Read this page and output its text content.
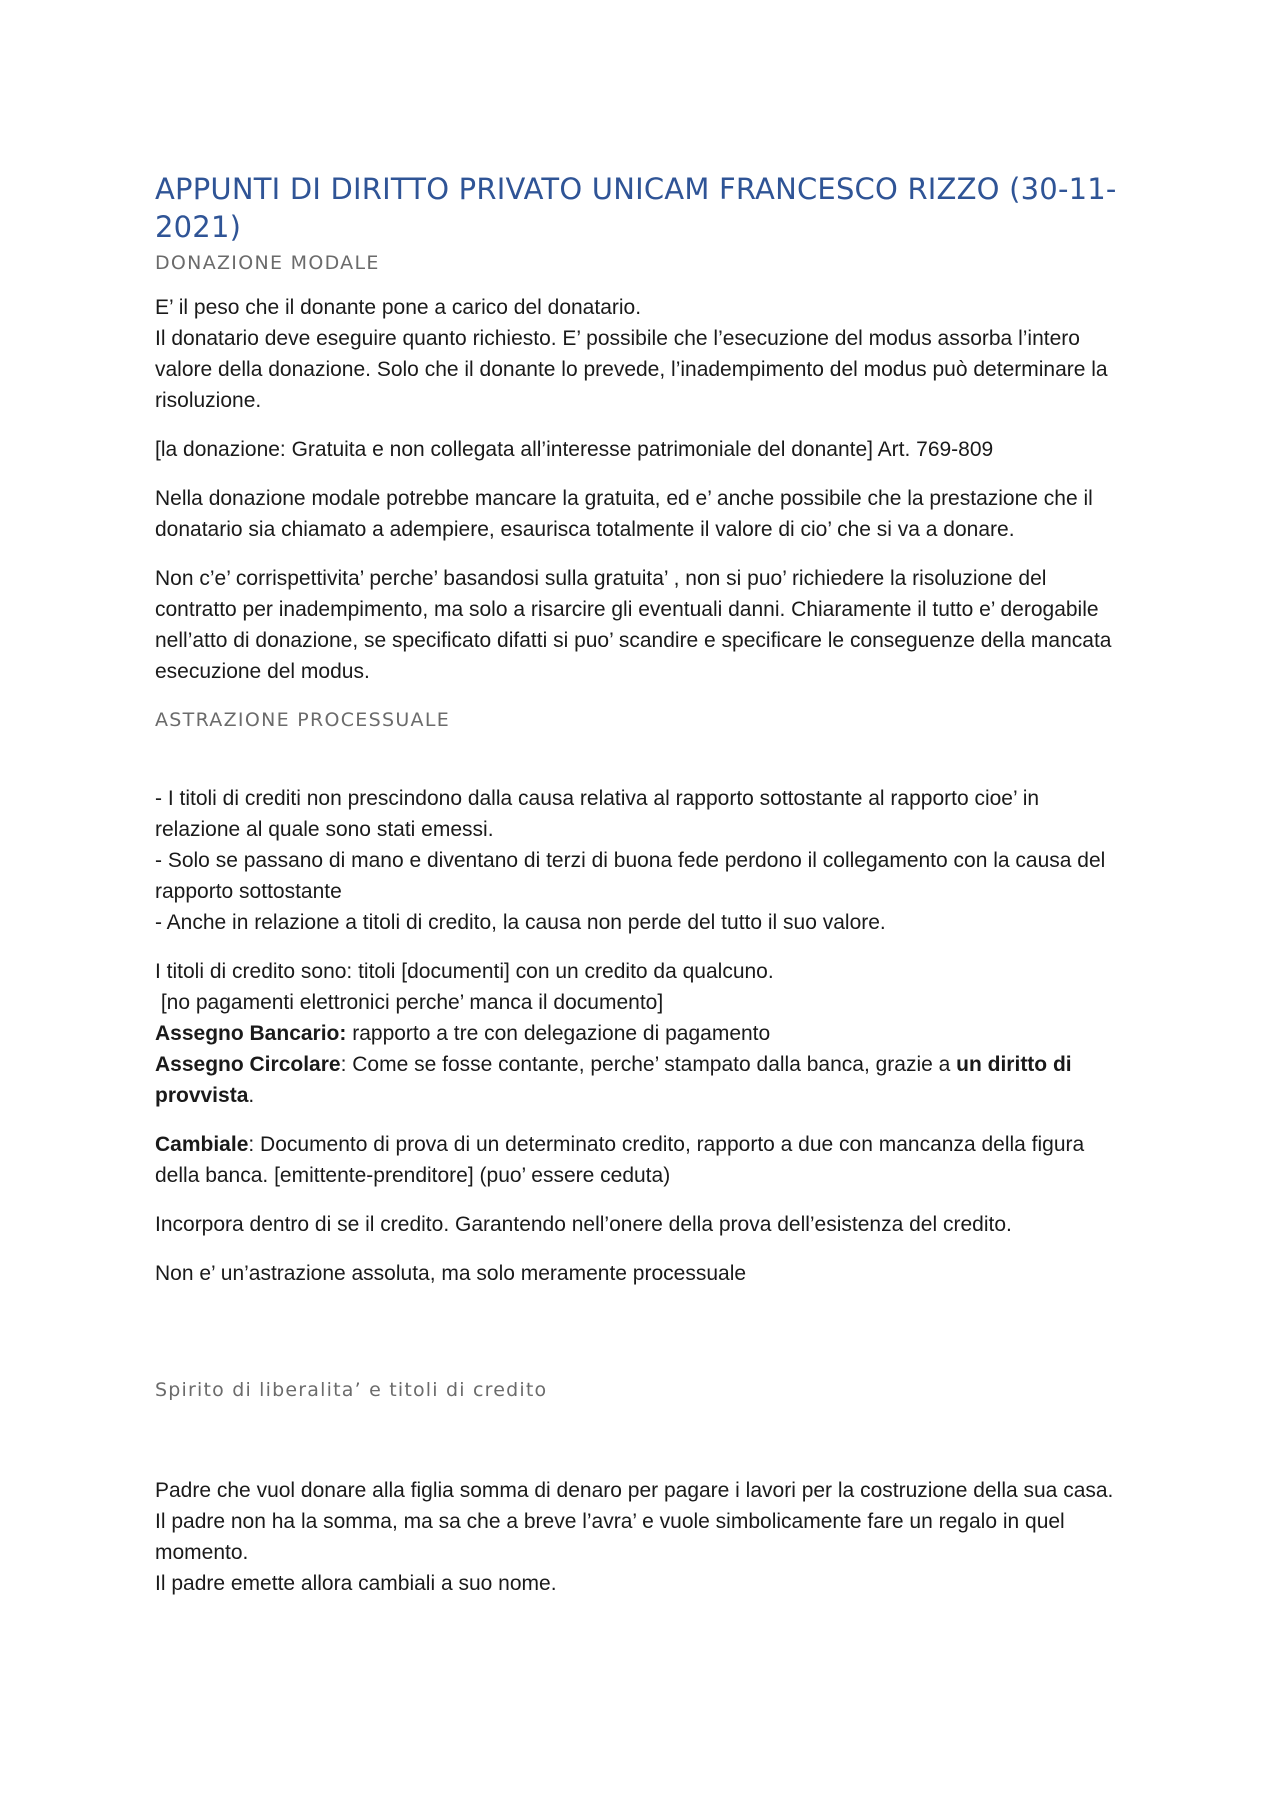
APPUNTI DI DIRITTO PRIVATO UNICAM FRANCESCO RIZZO (30-11-2021)
DONAZIONE MODALE

E’ il peso che il donante pone a carico del donatario.
Il donatario deve eseguire quanto richiesto. E’ possibile che l’esecuzione del modus assorba l’intero valore della donazione. Solo che il donante lo prevede, l’inadempimento del modus può determinare la risoluzione.

[la donazione: Gratuita e non collegata all’interesse patrimoniale del donante] Art. 769-809

Nella donazione modale potrebbe mancare la gratuita, ed e’ anche possibile che la prestazione che il donatario sia chiamato a adempiere, esaurisca totalmente il valore di cio’ che si va a donare.

Non c’e’ corrispettivita’ perche’ basandosi sulla gratuita’ , non si puo’ richiedere la risoluzione del contratto per inadempimento, ma solo a risarcire gli eventuali danni. Chiaramente il tutto e’ derogabile nell’atto di donazione, se specificato difatti si puo’ scandire e specificare le conseguenze della mancata esecuzione del modus.

ASTRAZIONE PROCESSUALE

- I titoli di crediti non prescindono dalla causa relativa al rapporto sottostante al rapporto cioe’ in relazione al quale sono stati emessi.
- Solo se passano di mano e diventano di terzi di buona fede perdono il collegamento con la causa del rapporto sottostante
- Anche in relazione a titoli di credito, la causa non perde del tutto il suo valore.

I titoli di credito sono: titoli [documenti] con un credito da qualcuno.
[no pagamenti elettronici perche’ manca il documento]
Assegno Bancario: rapporto a tre con delegazione di pagamento
Assegno Circolare: Come se fosse contante, perche’ stampato dalla banca, grazie a un diritto di provvista.

Cambiale: Documento di prova di un determinato credito, rapporto a due con mancanza della figura della banca. [emittente-prenditore] (puo’ essere ceduta)

Incorpora dentro di se il credito. Garantendo nell’onere della prova dell’esistenza del credito.

Non e’ un’astrazione assoluta, ma solo meramente processuale

Spirito di liberalita’ e titoli di credito

Padre che vuol donare alla figlia somma di denaro per pagare i lavori per la costruzione della sua casa.
Il padre non ha la somma, ma sa che a breve l’avra’ e vuole simbolicamente fare un regalo in quel momento.
Il padre emette allora cambiali a suo nome.
